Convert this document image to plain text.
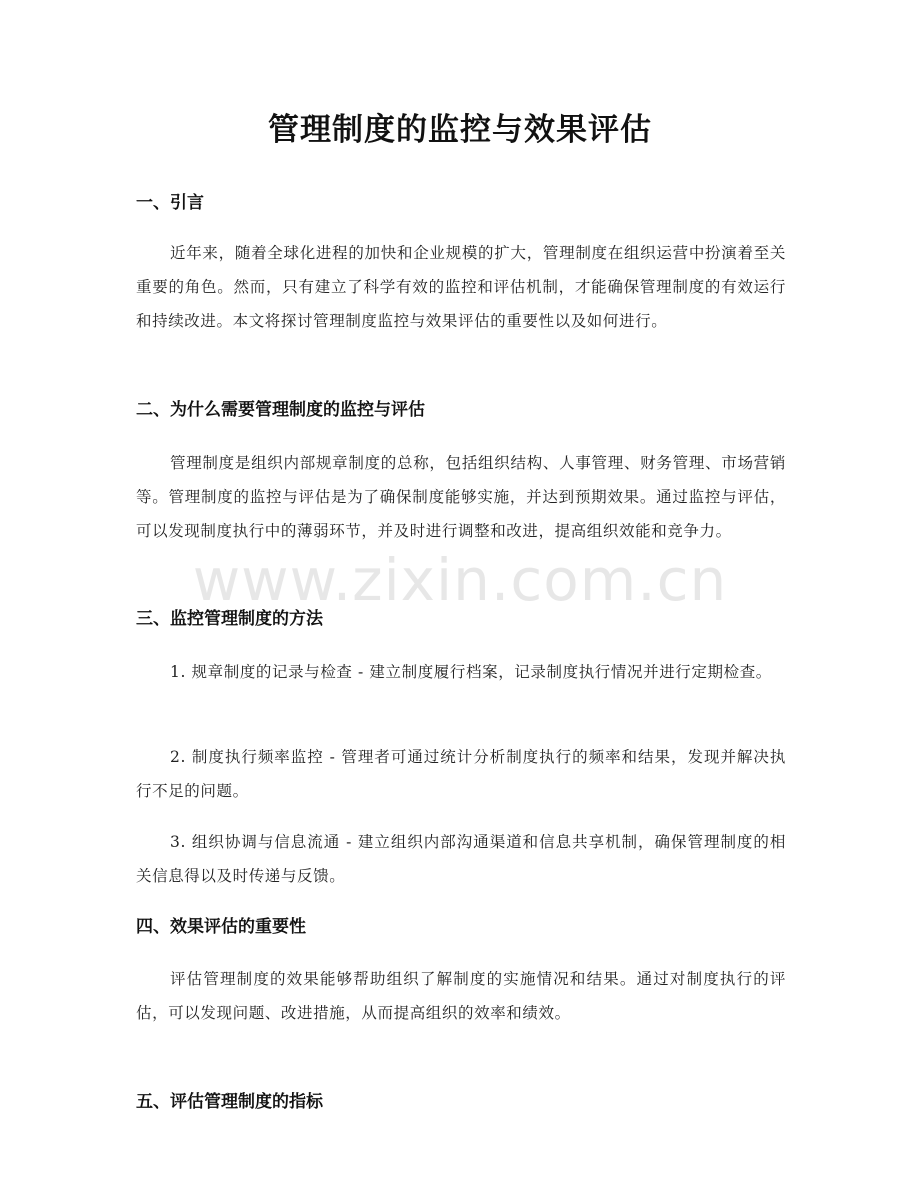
管理制度的监控与效果评估
一、引言
近年来，随着全球化进程的加快和企业规模的扩大，管理制度在组织运营中扮演着至关重要的角色。然而，只有建立了科学有效的监控和评估机制，才能确保管理制度的有效运行和持续改进。本文将探讨管理制度监控与效果评估的重要性以及如何进行。
二、为什么需要管理制度的监控与评估
管理制度是组织内部规章制度的总称，包括组织结构、人事管理、财务管理、市场营销等。管理制度的监控与评估是为了确保制度能够实施，并达到预期效果。通过监控与评估，可以发现制度执行中的薄弱环节，并及时进行调整和改进，提高组织效能和竞争力。
三、监控管理制度的方法
1. 规章制度的记录与检查 - 建立制度履行档案，记录制度执行情况并进行定期检查。
2. 制度执行频率监控 - 管理者可通过统计分析制度执行的频率和结果，发现并解决执行不足的问题。
3. 组织协调与信息流通 - 建立组织内部沟通渠道和信息共享机制，确保管理制度的相关信息得以及时传递与反馈。
四、效果评估的重要性
评估管理制度的效果能够帮助组织了解制度的实施情况和结果。通过对制度执行的评估，可以发现问题、改进措施，从而提高组织的效率和绩效。
五、评估管理制度的指标
www.zixin.com.cn
